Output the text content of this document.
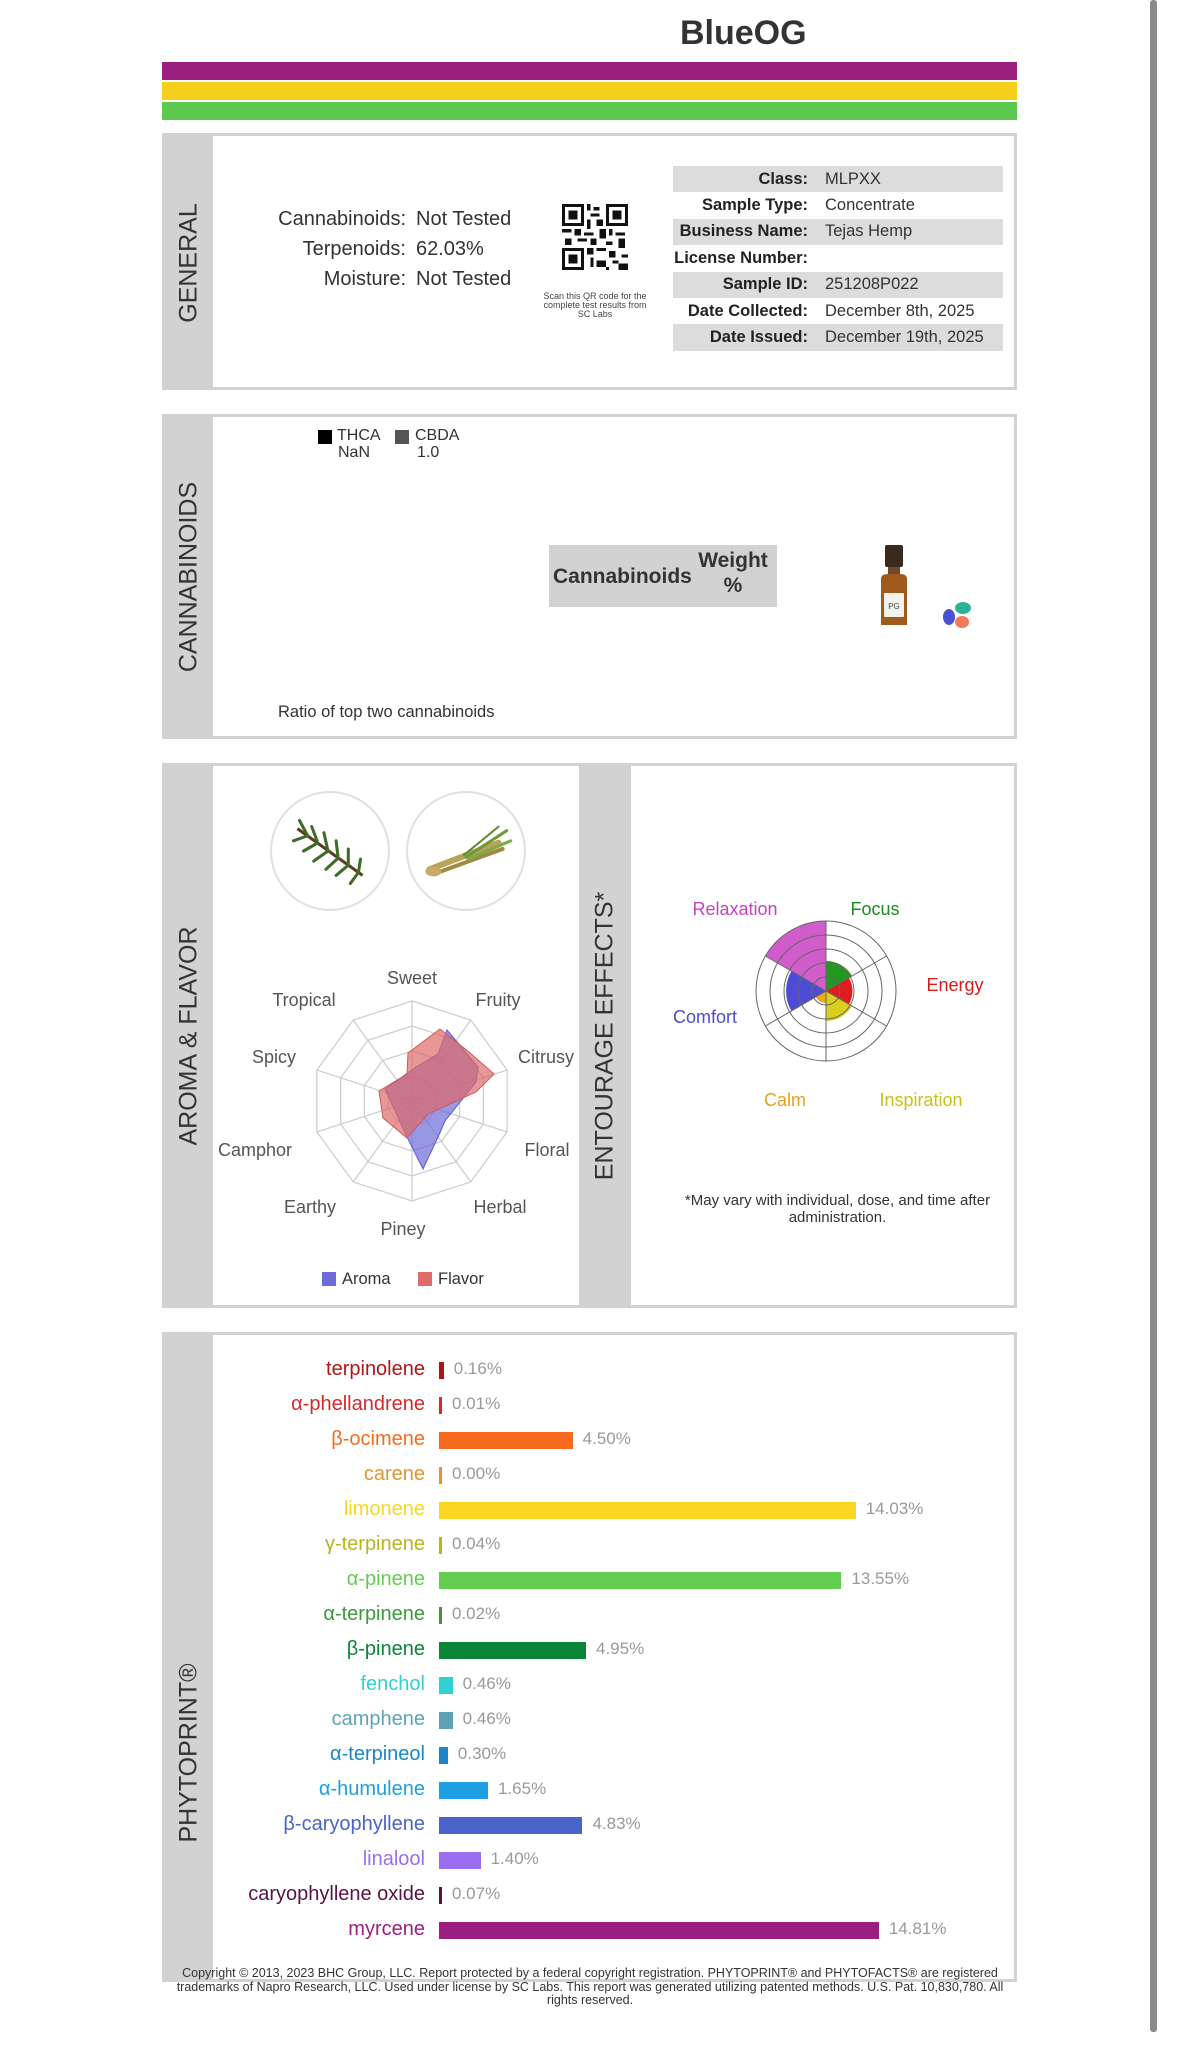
BlueOG
GENERAL	Cannabinoids: Not Tested
Terpenoids: 62.03%
Moisture: Not Tested
Scan this QR code for the complete test results from SC Labs
Class:	MLPXX
Sample Type:	Concentrate
Business Name:	Tejas Hemp
License Number:
Sample ID:	251208P022
Date Collected:	December 8th, 2025
Date Issued:	December 19th, 2025
CANNABINOIDS
THCA
NaN
CBDA
1.0
Cannabinoids
Weight %
PG
Ratio of top two cannabinoids
AROMA & FLAVOR	ENTOURAGE EFFECTS*
Sweet
Fruity
Citrusy
Floral
Herbal
Piney
Earthy
Camphor
Spicy
Tropical
Aroma	Flavor
Relaxation	Focus
Energy
Inspiration
Calm
Comfort
*May vary with individual, dose, and time after administration.
PHYTOPRINT®
terpinolene 0.16%
α-phellandrene 0.01%
β-ocimene	4.50%
carene 0.00%
limonene	14.03%
γ-terpinene 0.04%
α-pinene	13.55%
α-terpinene 0.02%
β-pinene	4.95%
fenchol 0.46%
camphene 0.46%
α-terpineol 0.30%
α-humulene	1.65%
β-caryophyllene	4.83%
linalool	1.40%
caryophyllene oxide 0.07%
myrcene	14.81%
Copyright © 2013, 2023 BHC Group, LLC. Report protected by a federal copyright registration. PHYTOPRINT® and PHYTOFACTS® are registered trademarks of Napro Research, LLC. Used under license by SC Labs. This report was generated utilizing patented methods. U.S. Pat. 10,830,780. All rights reserved.
